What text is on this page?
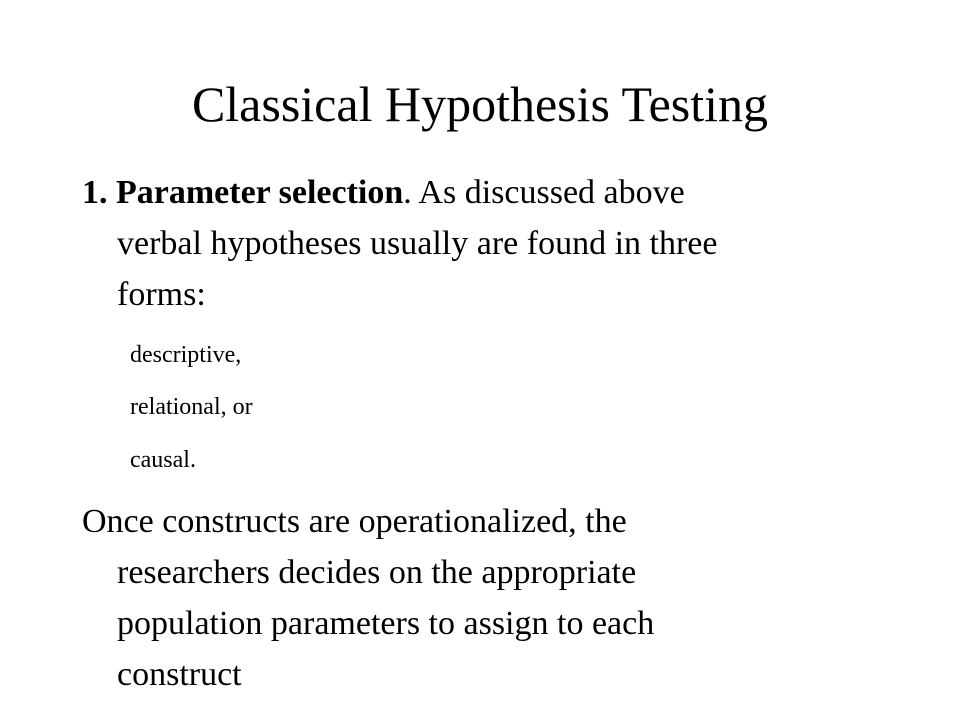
Classical Hypothesis Testing

1. Parameter selection. As discussed above
verbal hypotheses usually are found in three
forms:

descriptive,

relational, or

causal.

Once constructs are operationalized, the
researchers decides on the appropriate
population parameters to assign to each
construct
